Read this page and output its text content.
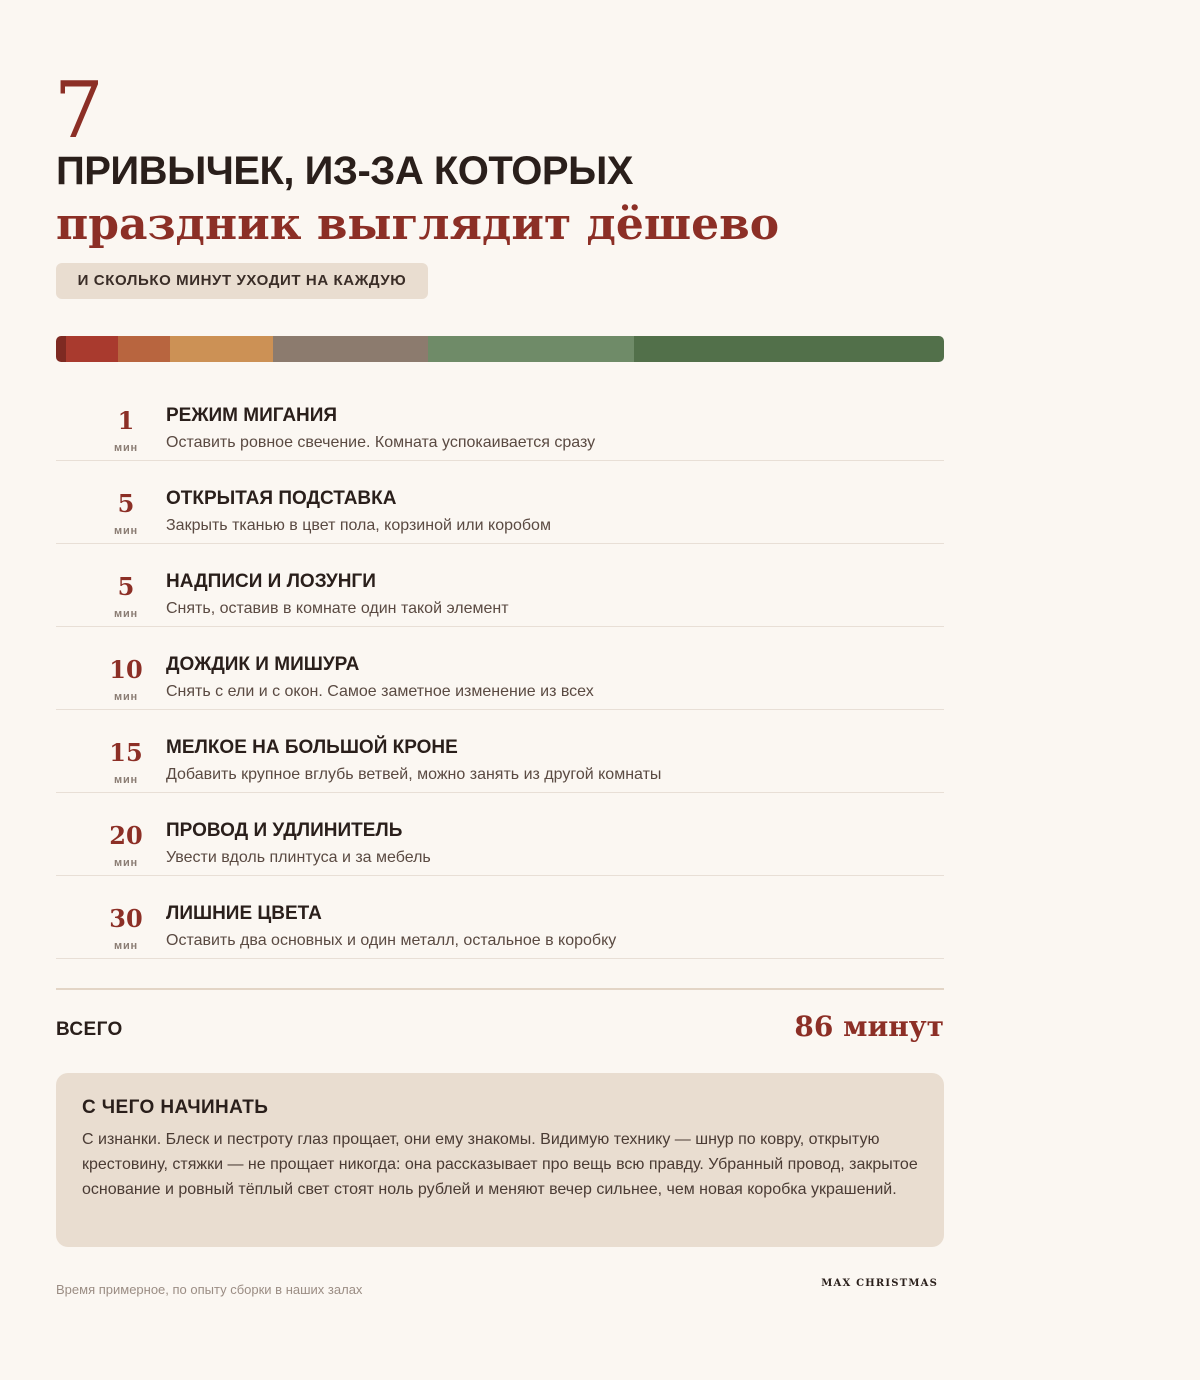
7
ПРИВЫЧЕК, ИЗ-ЗА КОТОРЫХ
праздник выглядит дёшево
И СКОЛЬКО МИНУТ УХОДИТ НА КАЖДУЮ
1
мин
РЕЖИМ МИГАНИЯ
Оставить ровное свечение. Комната успокаивается сразу
5
мин
ОТКРЫТАЯ ПОДСТАВКА
Закрыть тканью в цвет пола, корзиной или коробом
5
мин
НАДПИСИ И ЛОЗУНГИ
Снять, оставив в комнате один такой элемент
10
мин
ДОЖДИК И МИШУРА
Снять с ели и с окон. Самое заметное изменение из всех
15
мин
МЕЛКОЕ НА БОЛЬШОЙ КРОНЕ
Добавить крупное вглубь ветвей, можно занять из другой комнаты
20
мин
ПРОВОД И УДЛИНИТЕЛЬ
Увести вдоль плинтуса и за мебель
30
мин
ЛИШНИЕ ЦВЕТА
Оставить два основных и один металл, остальное в коробку
ВСЕГО	86 минут
С ЧЕГО НАЧИНАТЬ
С изнанки. Блеск и пестроту глаз прощает, они ему знакомы. Видимую технику — шнур по ковру, открытую крестовину, стяжки — не прощает никогда: она рассказывает про вещь всю правду. Убранный провод, закрытое основание и ровный тёплый свет стоят ноль рублей и меняют вечер сильнее, чем новая коробка украшений.
Время примерное, по опыту сборки в наших залах	MAX CHRISTMAS
